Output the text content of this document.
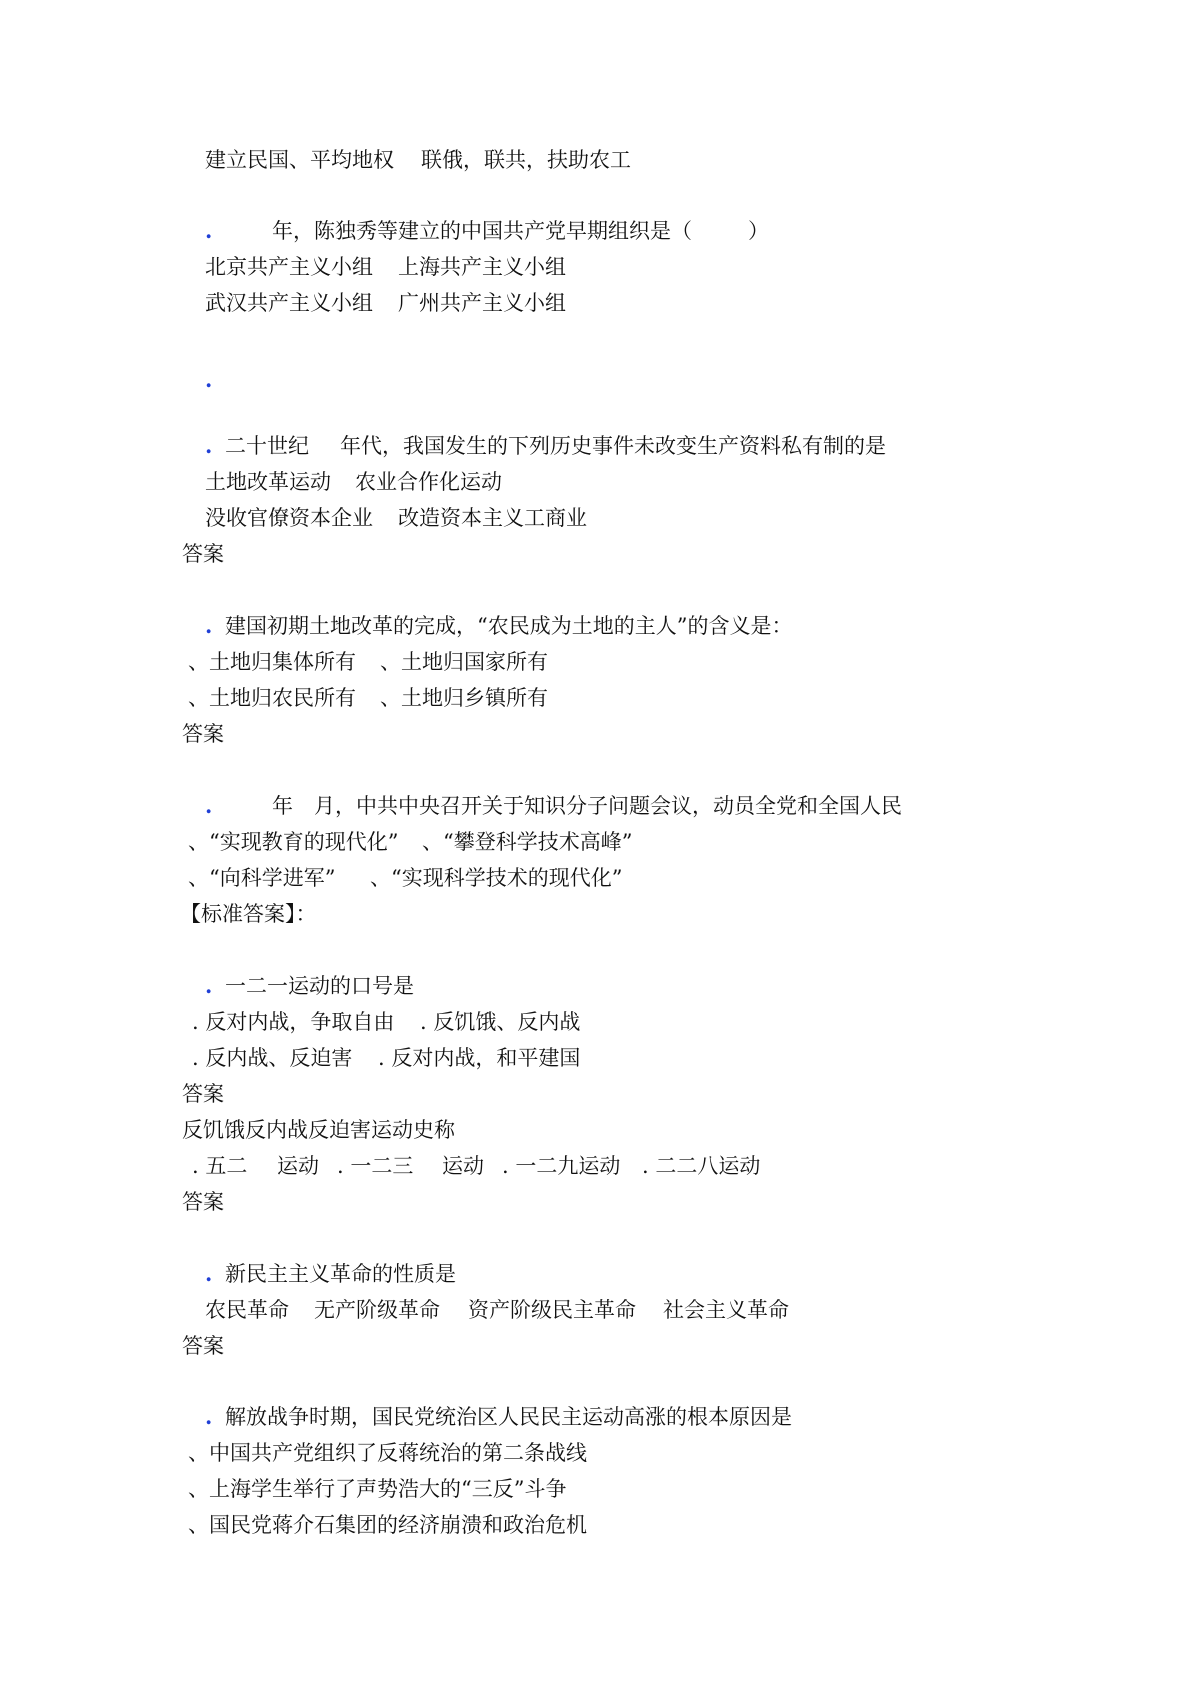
建立民国、平均地权 联俄，联共，扶助农工
.	年，陈独秀等建立的中国共产党早期组织是（	）
北京共产主义小组 上海共产主义小组
武汉共产主义小组 广州共产主义小组
.
. 二十世纪 年代，我国发生的下列历史事件未改变生产资料私有制的是
土地改革运动 农业合作化运动
没收官僚资本企业 改造资本主义工商业
答案
. 建国初期土地改革的完成，“农民成为土地的主人”的含义是：
、土地归集体所有 、土地归国家所有
、土地归农民所有 、土地归乡镇所有
答案
.	年 月，中共中央召开关于知识分子问题会议，动员全党和全国人民
、“实现教育的现代化” 、“攀登科学技术高峰”
、“向科学进军” 、“实现科学技术的现代化”
【标准答案】：
. 一二一运动的口号是
. 反对内战，争取自由 . 反饥饿、反内战
. 反内战、反迫害 . 反对内战，和平建国
答案
反饥饿反内战反迫害运动史称
. 五二 运动 . 一二三 运动 . 一二九运动 . 二二八运动
答案
. 新民主主义革命的性质是
农民革命 无产阶级革命 资产阶级民主革命 社会主义革命
答案
. 解放战争时期，国民党统治区人民民主运动高涨的根本原因是
、中国共产党组织了反蒋统治的第二条战线
、上海学生举行了声势浩大的“三反”斗争
、国民党蒋介石集团的经济崩溃和政治危机
